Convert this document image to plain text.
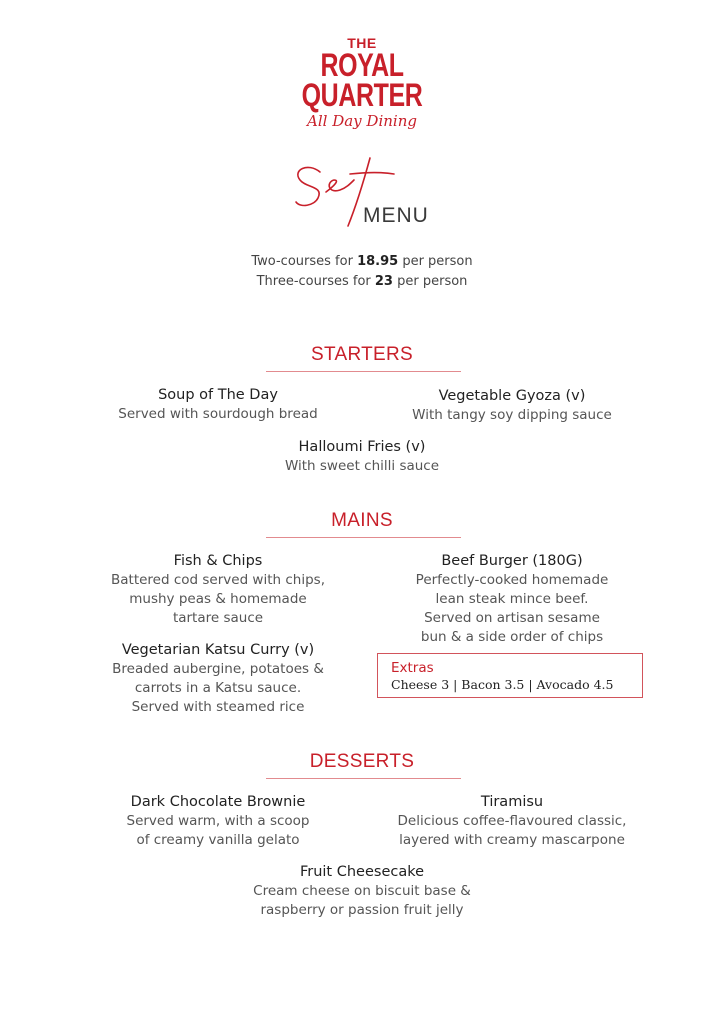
THE
ROYAL
QUARTER
All Day Dining
Set
MENU
Two-courses for 18.95 per person
Three-courses for 23 per person
STARTERS
Soup of The Day
Served with sourdough bread
Vegetable Gyoza (v)
With tangy soy dipping sauce
Halloumi Fries (v)
With sweet chilli sauce
MAINS
Fish & Chips
Battered cod served with chips,
mushy peas & homemade
tartare sauce
Beef Burger (180G)
Perfectly-cooked homemade
lean steak mince beef.
Served on artisan sesame
bun & a side order of chips
Vegetarian Katsu Curry (v)
Breaded aubergine, potatoes &
carrots in a Katsu sauce.
Served with steamed rice
Extras
Cheese 3 | Bacon 3.5 | Avocado 4.5
DESSERTS
Dark Chocolate Brownie
Served warm, with a scoop
of creamy vanilla gelato
Tiramisu
Delicious coffee-flavoured classic,
layered with creamy mascarpone
Fruit Cheesecake
Cream cheese on biscuit base &
raspberry or passion fruit jelly
